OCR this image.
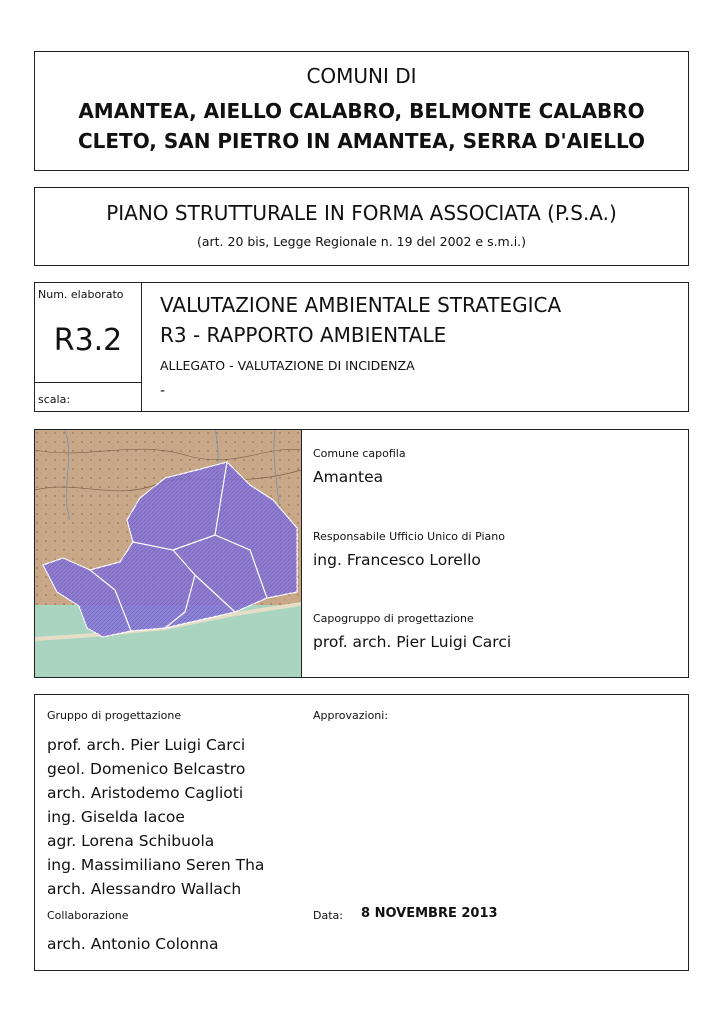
COMUNI DI
AMANTEA, AIELLO CALABRO, BELMONTE CALABRO
CLETO, SAN PIETRO IN AMANTEA, SERRA D'AIELLO
PIANO STRUTTURALE IN FORMA ASSOCIATA (P.S.A.)
(art. 20 bis, Legge Regionale n. 19 del 2002 e s.m.i.)
Num. elaborato
R3.2
scala:
VALUTAZIONE AMBIENTALE STRATEGICA
R3 - RAPPORTO AMBIENTALE
ALLEGATO - VALUTAZIONE DI INCIDENZA
-
Comune capofila
Amantea
Responsabile Ufficio Unico di Piano
ing. Francesco Lorello
Capogruppo di progettazione
prof. arch. Pier Luigi Carci
Gruppo di progettazione	Approvazioni:
prof. arch. Pier Luigi Carci
geol. Domenico Belcastro
arch. Aristodemo Caglioti
ing. Giselda Iacoe
agr. Lorena Schibuola
ing. Massimiliano Seren Tha
arch. Alessandro Wallach
Collaborazione	Data: 8 NOVEMBRE 2013
arch. Antonio Colonna
